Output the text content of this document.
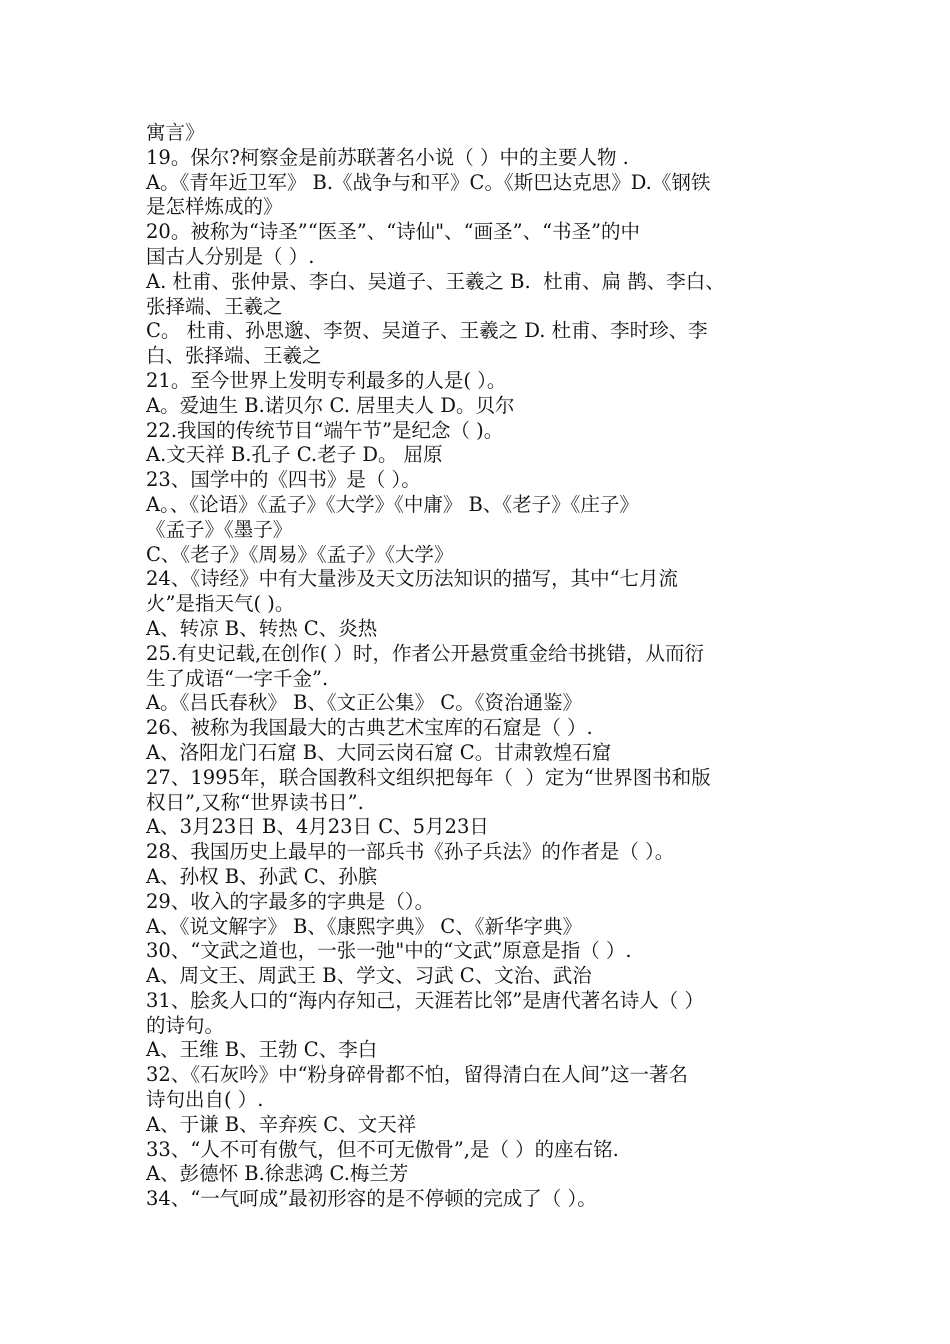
寓言》
19。保尔?柯察金是前苏联著名小说（ ）中的主要人物 .
A。《青年近卫军》 B.《战争与和平》C。《斯巴达克思》D.《钢铁
是怎样炼成的》
20。被称为“诗圣”“医圣”、“诗仙"、“画圣”、“书圣”的中
国古人分别是（ ）.
A. 杜甫、张仲景、李白、吴道子、王羲之 B.  杜甫、扁 鹊、李白、
张择端、王羲之
C。 杜甫、孙思邈、李贺、吴道子、王羲之 D. 杜甫、李时珍、李
白、张择端、王羲之
21。至今世界上发明专利最多的人是( ）。
A。爱迪生 B.诺贝尔 C. 居里夫人 D。贝尔
22.我国的传统节目“端午节”是纪念（ )。
A.文天祥 B.孔子 C.老子 D。 屈原
23、国学中的《四书》是（ ）。
A。、《论语》《孟子》《大学》《中庸》 B、《老子》《庄子》
《孟子》《墨子》
C、《老子》《周易》《孟子》《大学》
24、《诗经》中有大量涉及天文历法知识的描写，其中“七月流
火”是指天气( )。
A、转凉 B、转热 C、炎热
25.有史记载,在创作( ）时，作者公开悬赏重金给书挑错，从而衍
生了成语“一字千金”.
A。《吕氏春秋》 B、《文正公集》 C。《资治通鉴》
26、被称为我国最大的古典艺术宝库的石窟是（ ）.
A、洛阳龙门石窟 B、大同云岗石窟 C。甘肃敦煌石窟
27、1995年，联合国教科文组织把每年（  ）定为“世界图书和版
权日”,又称“世界读书日”.
A、3月23日 B、4月23日 C、5月23日
28、我国历史上最早的一部兵书《孙子兵法》的作者是（ ）。
A、孙权 B、孙武 C、孙膑
29、收入的字最多的字典是（）。
A、《说文解字》 B、《康熙字典》 C、《新华字典》
30、“文武之道也，一张一弛"中的“文武”原意是指（ ）.
A、周文王、周武王 B、学文、习武 C、文治、武治
31、脍炙人口的“海内存知己，天涯若比邻”是唐代著名诗人（ ）
的诗句。
A、王维 B、王勃 C、李白
32、《石灰吟》中“粉身碎骨都不怕，留得清白在人间”这一著名
诗句出自( ）.
A、于谦 B、辛弃疾 C、文天祥
33、“人不可有傲气，但不可无傲骨”,是（ ）的座右铭.
A、彭德怀 B.徐悲鸿 C.梅兰芳
34、“一气呵成”最初形容的是不停顿的完成了（ ）。
